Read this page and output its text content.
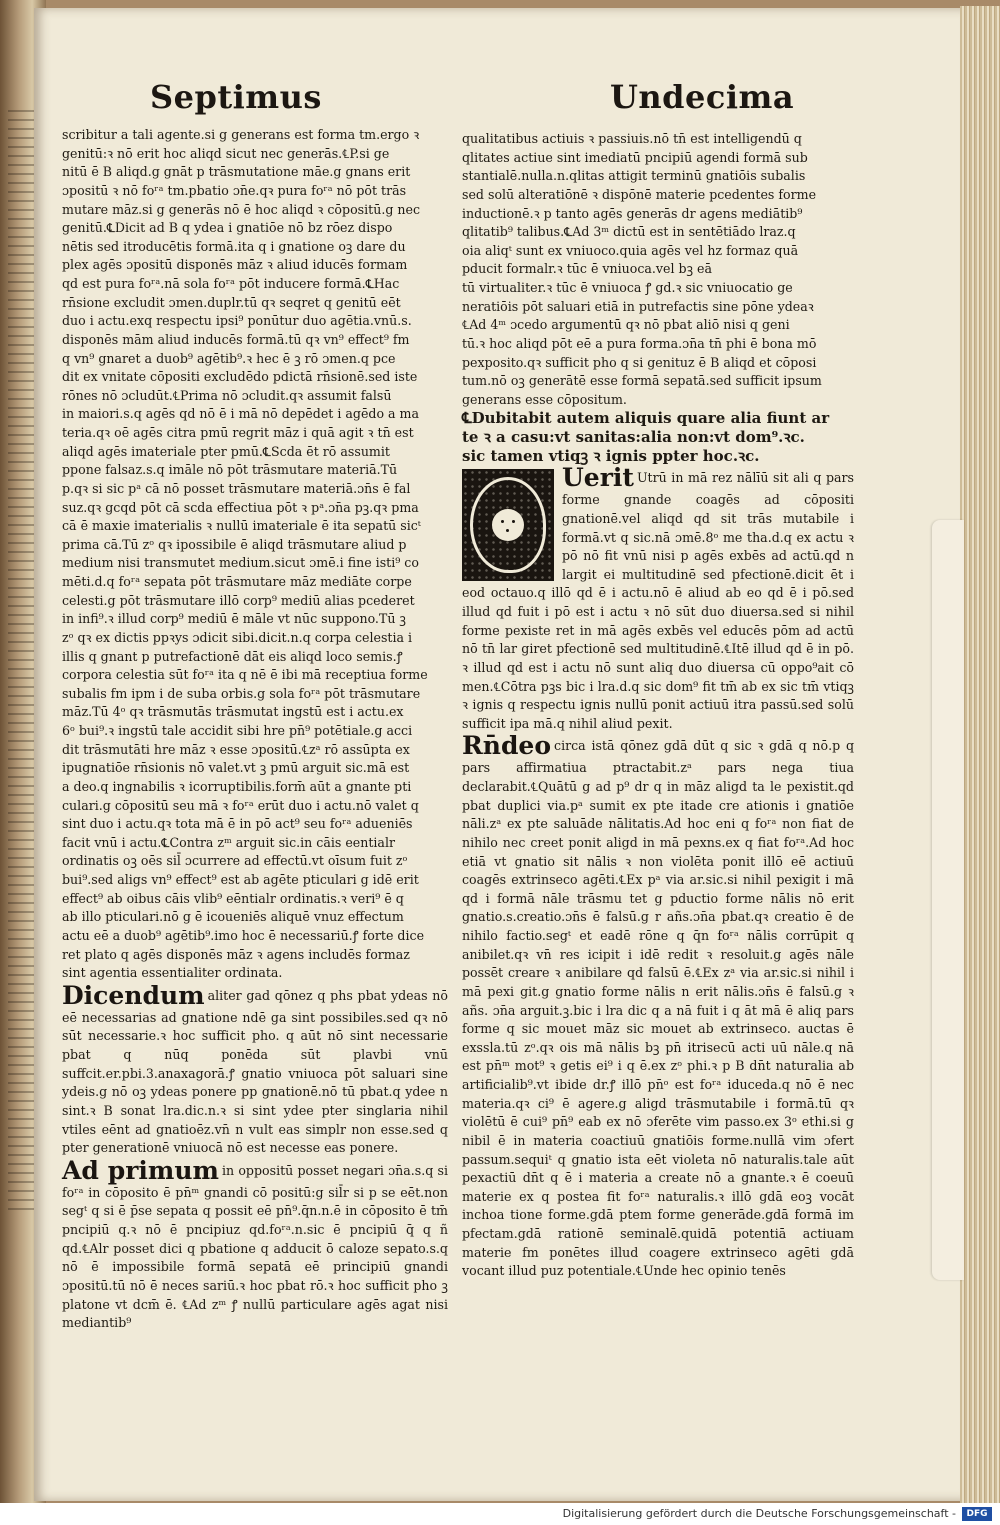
Septimus	Undecima

scribitur a tali agente.si g generans est forma tm.ergo ꝛ

genitū:ꝛ nō erit hoc aliqd sicut nec generās.℄P.si ge

nitū ē B aliqd.g gnāt p trāsmutatione māe.g gnans erit

ɔpositū ꝛ nō foʳᵃ tm.pbatio ɔn̄e.qꝛ pura foʳᵃ nō pōt trās

mutare māz.si g generās nō ē hoc aliqd ꝛ cōpositū.g nec

genitū.℄Dicit ad B q ydea i gnatiōe nō bz rōez dispo

nētis sed itroducētis formā.ita q i gnatione oꝫ dare du

plex agēs ɔpositū disponēs māz ꝛ aliud iducēs formam

qd est pura foʳᵃ.nā sola foʳᵃ pōt inducere formā.℄Hac

rn̄sione excludit ɔmen.duplr.tū qꝛ seqret q genitū eēt

duo i actu.exq respectu ipsi⁹ ponūtur duo agētia.vnū.s.

disponēs mām aliud inducēs formā.tū qꝛ vn⁹ effect⁹ fm

q vn⁹ gnaret a duob⁹ agētib⁹.ꝛ hec ē ꝫ rō ɔmen.q pce

dit ex vnitate cōpositi excludēdo pdictā rn̄sionē.sed iste

rōnes nō ɔcludūt.℄Prima nō ɔcludit.qꝛ assumit falsū

in maiori.s.q agēs qd nō ē i mā nō depēdet i agēdo a ma

teria.qꝛ oē agēs citra pmū regrit māz i quā agit ꝛ tn̄ est

aliqd agēs imateriale pter pmū.℄Scda ēt rō assumit

ppone falsaz.s.q imāle nō pōt trāsmutare materiā.Tū

p.qꝛ si sic pᵃ cā nō posset trāsmutare materiā.ɔn̄s ē fal

suz.qꝛ gcqd pōt cā scda effectiua pōt ꝛ pᵃ.ɔn̄a pꝫ.qꝛ pma

cā ē maxie imaterialis ꝛ nullū imateriale ē ita sepatū sicᵗ

prima cā.Tū zᵒ qꝛ ipossibile ē aliqd trāsmutare aliud p

medium nisi transmutet medium.sicut ɔmē.i fine isti⁹ co

mēti.d.q foʳᵃ sepata pōt trāsmutare māz mediāte corpe

celesti.g pōt trāsmutare illō corp⁹ mediū alias pcederet

in infi⁹.ꝛ illud corp⁹ mediū ē māle vt nūc suppono.Tū ꝫ

zᵒ qꝛ ex dictis ppꝛys ɔdicit sibi.dicit.n.q corpa celestia i

illis q gnant p putrefactionē dāt eis aliqd loco semis.ꝭ

corpora celestia sūt foʳᵃ ita q nē ē ibi mā receptiua forme

subalis fm ipm i de suba orbis.g sola foʳᵃ pōt trāsmutare

māz.Tū 4ᵒ qꝛ trāsmutās trāsmutat ingstū est i actu.ex

6ᵒ bui⁹.ꝛ ingstū tale accidit sibi hre pn̄⁹ potētiale.g acci

dit trāsmutāti hre māz ꝛ esse ɔpositū.℄zᵃ rō assūpta ex

ipugnatiōe rn̄sionis nō valet.vt ꝫ pmū arguit sic.mā est

a deo.q ingnabilis ꝛ icorruptibilis.form̄ aūt a gnante pti

culari.g cōpositū seu mā ꝛ foʳᵃ erūt duo i actu.nō valet q

sint duo i actu.qꝛ tota mā ē in pō act⁹ seu foʳᵃ adueniēs

facit vnū i actu.℄Contra zᵐ arguit sic.in cāis eentialr

ordinatis oꝫ oēs sil̄ ɔcurrere ad effectū.vt oīsum fuit zᵒ

bui⁹.sed aligs vn⁹ effect⁹ est ab agēte pticulari g idē erit

effect⁹ ab oibus cāis vlib⁹ eēntialr ordinatis.ꝛ veri⁹ ē q

ab illo pticulari.nō g ē icoueniēs aliquē vnuz effectum

actu eē a duob⁹ agētib⁹.imo hoc ē necessariū.ꝭ forte dice

ret plato q agēs disponēs māz ꝛ agens includēs formaz

sint agentia essentialiter ordinata.

Dicendum aliter gad qōnez q phs pbat ydeas nō eē necessarias ad gnatione ndē ga sint possibiles.sed qꝛ nō sūt necessarie.ꝛ hoc sufficit pho. q aūt nō sint necessarie pbat q nūq ponēda sūt plavbi vnū suffcit.er.pbi.3.anaxagorā.ꝭ gnatio vniuoca pōt saluari sine ydeis.g nō oꝫ ydeas ponere pp gnationē.nō tū pbat.q ydee n sint.ꝛ B sonat lra.dic.n.ꝛ si sint ydee pter singlaria nihil vtiles eēnt ad gnatioēz.vn̄ n vult eas simplr non esse.sed q pter generationē vniuocā nō est necesse eas ponere.

Ad primum in oppositū posset negari ɔn̄a.s.q si foʳᵃ in cōposito ē pn̄ᵐ gnandi cō positū:g sil̄r si p se eēt.non segᵗ q si ē p̄se sepata q possit eē pn̄⁹.q̄n.n.ē in cōposito ē tm̄ pncipiū q.ꝛ nō ē pncipiuz qd.foʳᵃ.n.sic ē pncipiū q̄ q ñ qd.℄Alr posset dici q pbatione q adducit ō caloze sepato.s.q nō ē impossibile formā sepatā eē principiū gnandi ɔpositū.tū nō ē neces sariū.ꝛ hoc pbat rō.ꝛ hoc sufficit pho ꝫ platone vt dcm̄ ē. ℄Ad zᵐ ꝭ nullū particulare agēs agat nisi mediantib⁹

qualitatibus actiuis ꝛ passiuis.nō tn̄ est intelligendū q

qlitates actiue sint imediatū pncipiū agendi formā sub

stantialē.nulla.n.qlitas attigit terminū gnatiōis subalis

sed solū alteratiōnē ꝛ dispōnē materie pcedentes forme

inductionē.ꝛ p tanto agēs generās dr agens mediātib⁹

qlitatib⁹ talibus.℄Ad 3ᵐ dictū est in sentētiādo lraz.q

oia aliqᵗ sunt ex vniuoco.quia agēs vel hz formaz quā

pducit formalr.ꝛ tūc ē vniuoca.vel bꝫ eā

tū virtualiter.ꝛ tūc ē vniuoca ꝭ gd.ꝛ sic vniuocatio ge

neratiōis pōt saluari etiā in putrefactis sine pōne ydeaꝛ

℄Ad 4ᵐ ɔcedo argumentū qꝛ nō pbat aliō nisi q geni

tū.ꝛ hoc aliqd pōt eē a pura forma.ɔn̄a tn̄ phi ē bona mō

pexposito.qꝛ sufficit pho q si genituz ē B aliqd et cōposi

tum.nō oꝫ generātē esse formā sepatā.sed sufficit ipsum

generans esse cōpositum.

℄Dubitabit autem aliquis quare alia fiunt ar

te ꝛ a casu:vt sanitas:alia non:vt dom⁹.ꝛc.

sic tamen vtiqꝫ ꝛ ignis ppter hoc.ꝛc.

Uerit Utrū in mā rez nālīū sit ali q pars forme gnande coagēs ad cōpositi gnationē.vel aliqd qd sit trās mutabile i formā.vt q sic.nā ɔmē.8ᵒ me tha.d.q ex actu ꝛ pō nō fit vnū nisi p agēs exbēs ad actū.qd n largit ei multitudinē sed pfectionē.dicit ēt i eod octauo.q illō qd ē i actu.nō ē aliud ab eo qd ē i pō.sed illud qd fuit i pō est i actu ꝛ nō sūt duo diuersa.sed si nihil forme pexiste ret in mā agēs exbēs vel educēs pōm ad actū nō tn̄ lar giret pfectionē sed multitudinē.℄Itē illud qd ē in pō. ꝛ illud qd est i actu nō sunt aliq duo diuersa cū oppo⁹ait cō men.℄Cōtra pꝫs bic i lra.d.q sic dom⁹ fit tm̄ ab ex sic tm̄ vtiqꝫ ꝛ ignis q respectu ignis nullū ponit actiuū itra passū.sed solū sufficit ipa mā.q nihil aliud pexit.

Rn̄deo circa istā qōnez gdā dūt q sic ꝛ gdā q nō.p q pars affirmatiua ptractabit.zᵃ pars nega tiua declarabit.℄Quātū g ad p⁹ dr q in māz aligd ta le pexistit.qd pbat duplici via.pᵃ sumit ex pte itade cre ationis i gnatiōe nāli.zᵃ ex pte saluāde nālitatis.Ad hoc eni q foʳᵃ non fiat de nihilo nec creet ponit aligd in mā pexns.ex q fiat foʳᵃ.Ad hoc etiā vt gnatio sit nālis ꝛ non violēta ponit illō eē actiuū coagēs extrinseco agēti.℄Ex pᵃ via ar.sic.si nihil pexigit i mā qd i formā nāle trāsmu tet g pductio forme nālis nō erit gnatio.s.creatio.ɔn̄s ē falsū.g r añs.ɔn̄a pbat.qꝛ creatio ē de nihilo factio.segᵗ et eadē rōne q q̄n foʳᵃ nālis corrūpit q anibilet.qꝛ vn̄ res icipit i idē redit ꝛ resoluit.g agēs nāle possēt creare ꝛ anibilare qd falsū ē.℄Ex zᵃ via ar.sic.si nihil i mā pexi git.g gnatio forme nālis n erit nālis.ɔn̄s ē falsū.g ꝛ añs. ɔn̄a arguit.ꝫ.bic i lra dic q a nā fuit i q āt mā ē aliq pars forme q sic mouet māz sic mouet ab extrinseco. auctas ē exssla.tū zᵒ.qꝛ ois mā nālis bꝫ pn̄ itrisecū acti uū nāle.q nā est pn̄ᵐ mot⁹ ꝛ getis ei⁹ i q ē.ex zᵒ phi.ꝛ p B dn̄t naturalia ab artificialib⁹.vt ibide dr.ꝭ illō pn̄ᵒ est foʳᵃ iduceda.q nō ē nec materia.qꝛ ci⁹ ē agere.g aligd trāsmutabile i formā.tū qꝛ violētū ē cui⁹ pn̄⁹ eab ex nō ɔferēte vim passo.ex 3ᵒ ethi.si g nibil ē in materia coactiuū gnatiōis forme.nullā vim ɔfert passum.sequiᵗ q gnatio ista eēt violeta nō naturalis.tale aūt pexactiū dn̄t q ē i materia a create nō a gnante.ꝛ ē coeuū materie ex q postea fit foʳᵃ naturalis.ꝛ illō gdā eoꝫ vocāt inchoa tione forme.gdā ptem forme generāde.gdā formā im pfectam.gdā rationē seminalē.quidā potentiā actiuam materie fm ponētes illud coagere extrinseco agēti gdā vocant illud puz potentiale.℄Unde hec opinio tenēs

Digitalisierung gefördert durch die Deutsche Forschungsgemeinschaft -	DFG
